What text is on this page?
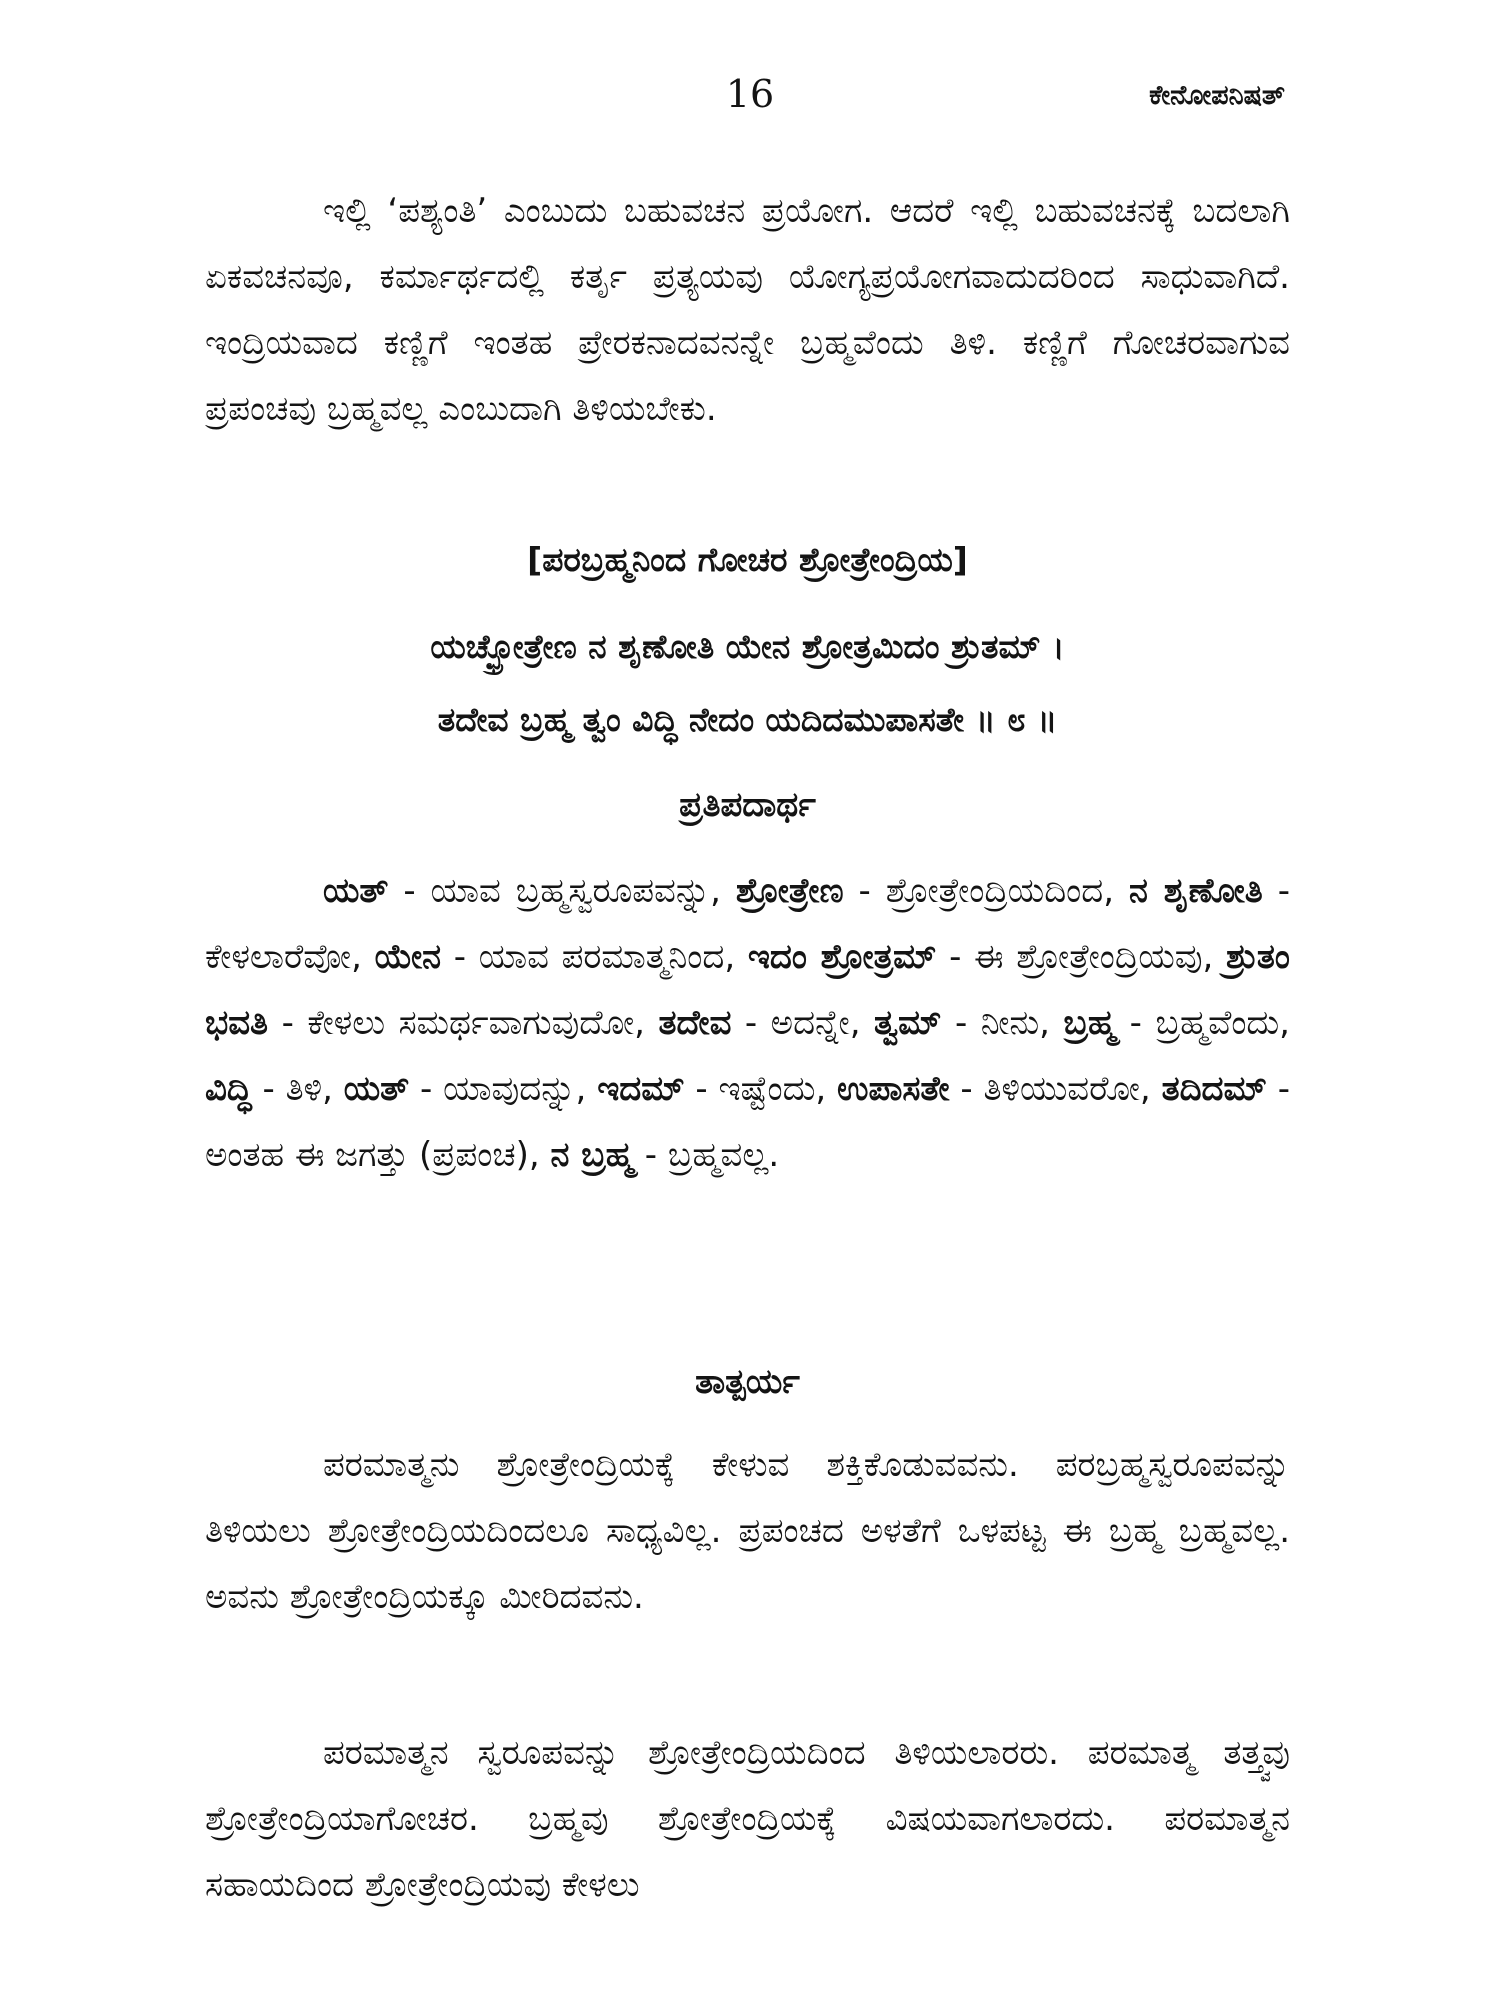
16	ಕೇನೋಪನಿಷತ್

ಇಲ್ಲಿ ‘ಪಶ್ಯಂತಿ’ ಎಂಬುದು ಬಹುವಚನ ಪ್ರಯೋಗ. ಆದರೆ ಇಲ್ಲಿ ಬಹುವಚನಕ್ಕೆ ಬದಲಾಗಿ ಏಕವಚನವೂ, ಕರ್ಮಾರ್ಥದಲ್ಲಿ ಕರ್ತೃ ಪ್ರತ್ಯಯವು ಯೋಗ್ಯಪ್ರಯೋಗವಾದುದರಿಂದ ಸಾಧುವಾಗಿದೆ. ಇಂದ್ರಿಯವಾದ ಕಣ್ಣಿಗೆ ಇಂತಹ ಪ್ರೇರಕನಾದವನನ್ನೇ ಬ್ರಹ್ಮವೆಂದು ತಿಳಿ. ಕಣ್ಣಿಗೆ ಗೋಚರವಾಗುವ ಪ್ರಪಂಚವು ಬ್ರಹ್ಮವಲ್ಲ ಎಂಬುದಾಗಿ ತಿಳಿಯಬೇಕು.

[ಪರಬ್ರಹ್ಮನಿಂದ ಗೋಚರ ಶ್ರೋತ್ರೇಂದ್ರಿಯ]

ಯಚ್ಛ್ರೋತ್ರೇಣ ನ ಶೃಣೋತಿ ಯೇನ ಶ್ರೋತ್ರಮಿದಂ ಶ್ರುತಮ್ ।

ತದೇವ ಬ್ರಹ್ಮ ತ್ವಂ ವಿದ್ಧಿ ನೇದಂ ಯದಿದಮುಪಾಸತೇ ॥ ೮ ॥

ಪ್ರತಿಪದಾರ್ಥ

ಯತ್ - ಯಾವ ಬ್ರಹ್ಮಸ್ವರೂಪವನ್ನು, ಶ್ರೋತ್ರೇಣ - ಶ್ರೋತ್ರೇಂದ್ರಿಯದಿಂದ, ನ ಶೃಣೋತಿ - ಕೇಳಲಾರೆವೋ, ಯೇನ - ಯಾವ ಪರಮಾತ್ಮನಿಂದ, ಇದಂ ಶ್ರೋತ್ರಮ್ - ಈ ಶ್ರೋತ್ರೇಂದ್ರಿಯವು, ಶ್ರುತಂ ಭವತಿ - ಕೇಳಲು ಸಮರ್ಥವಾಗುವುದೋ, ತದೇವ - ಅದನ್ನೇ, ತ್ವಮ್ - ನೀನು, ಬ್ರಹ್ಮ - ಬ್ರಹ್ಮವೆಂದು, ವಿದ್ಧಿ - ತಿಳಿ, ಯತ್ - ಯಾವುದನ್ನು, ಇದಮ್ - ಇಷ್ಟೆಂದು, ಉಪಾಸತೇ - ತಿಳಿಯುವರೋ, ತದಿದಮ್ - ಅಂತಹ ಈ ಜಗತ್ತು (ಪ್ರಪಂಚ), ನ ಬ್ರಹ್ಮ - ಬ್ರಹ್ಮವಲ್ಲ.

ತಾತ್ಪರ್ಯ

ಪರಮಾತ್ಮನು ಶ್ರೋತ್ರೇಂದ್ರಿಯಕ್ಕೆ ಕೇಳುವ ಶಕ್ತಿಕೊಡುವವನು. ಪರಬ್ರಹ್ಮಸ್ವರೂಪವನ್ನು ತಿಳಿಯಲು ಶ್ರೋತ್ರೇಂದ್ರಿಯದಿಂದಲೂ ಸಾಧ್ಯವಿಲ್ಲ. ಪ್ರಪಂಚದ ಅಳತೆಗೆ ಒಳಪಟ್ಟ ಈ ಬ್ರಹ್ಮ ಬ್ರಹ್ಮವಲ್ಲ. ಅವನು ಶ್ರೋತ್ರೇಂದ್ರಿಯಕ್ಕೂ ಮೀರಿದವನು.

ಪರಮಾತ್ಮನ ಸ್ವರೂಪವನ್ನು ಶ್ರೋತ್ರೇಂದ್ರಿಯದಿಂದ ತಿಳಿಯಲಾರರು. ಪರಮಾತ್ಮ ತತ್ತ್ವವು ಶ್ರೋತ್ರೇಂದ್ರಿಯಾಗೋಚರ. ಬ್ರಹ್ಮವು ಶ್ರೋತ್ರೇಂದ್ರಿಯಕ್ಕೆ ವಿಷಯವಾಗಲಾರದು. ಪರಮಾತ್ಮನ ಸಹಾಯದಿಂದ ಶ್ರೋತ್ರೇಂದ್ರಿಯವು ಕೇಳಲು
